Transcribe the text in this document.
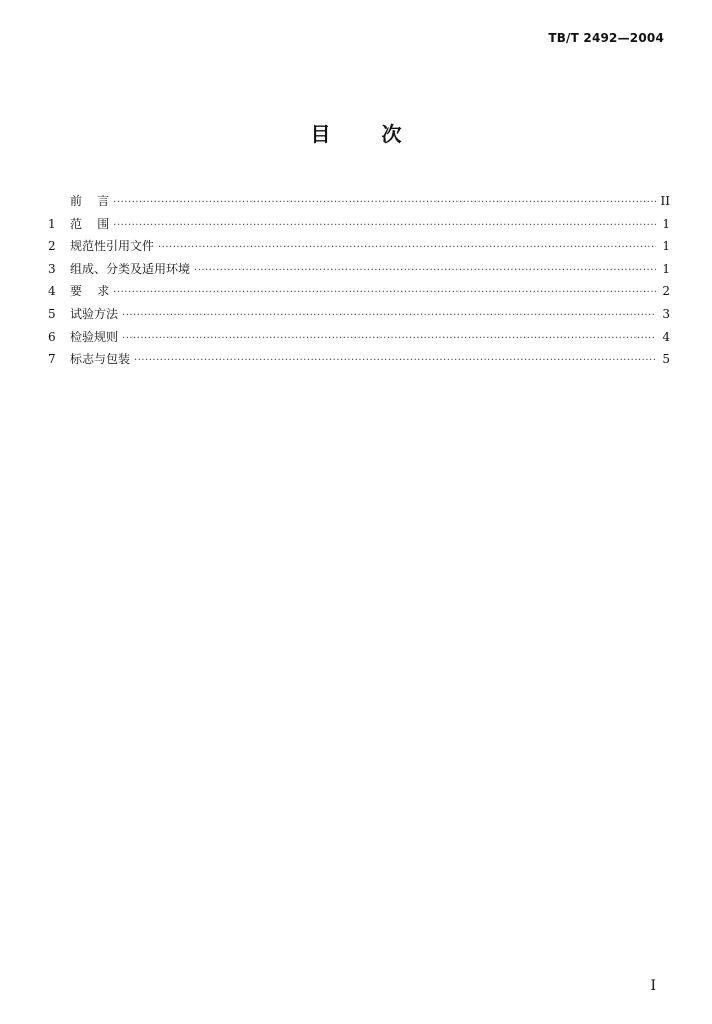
TB/T 2492—2004
目	次
前    言 ·····	II
1	范    围 ·····	1
2	规范性引用文件 ·····	1
3	组成、分类及适用环境 ·····	1
4	要    求 ·····	2
5	试验方法 ·····	3
6	检验规则 ·····	4
7	标志与包装 ·····	5
I
